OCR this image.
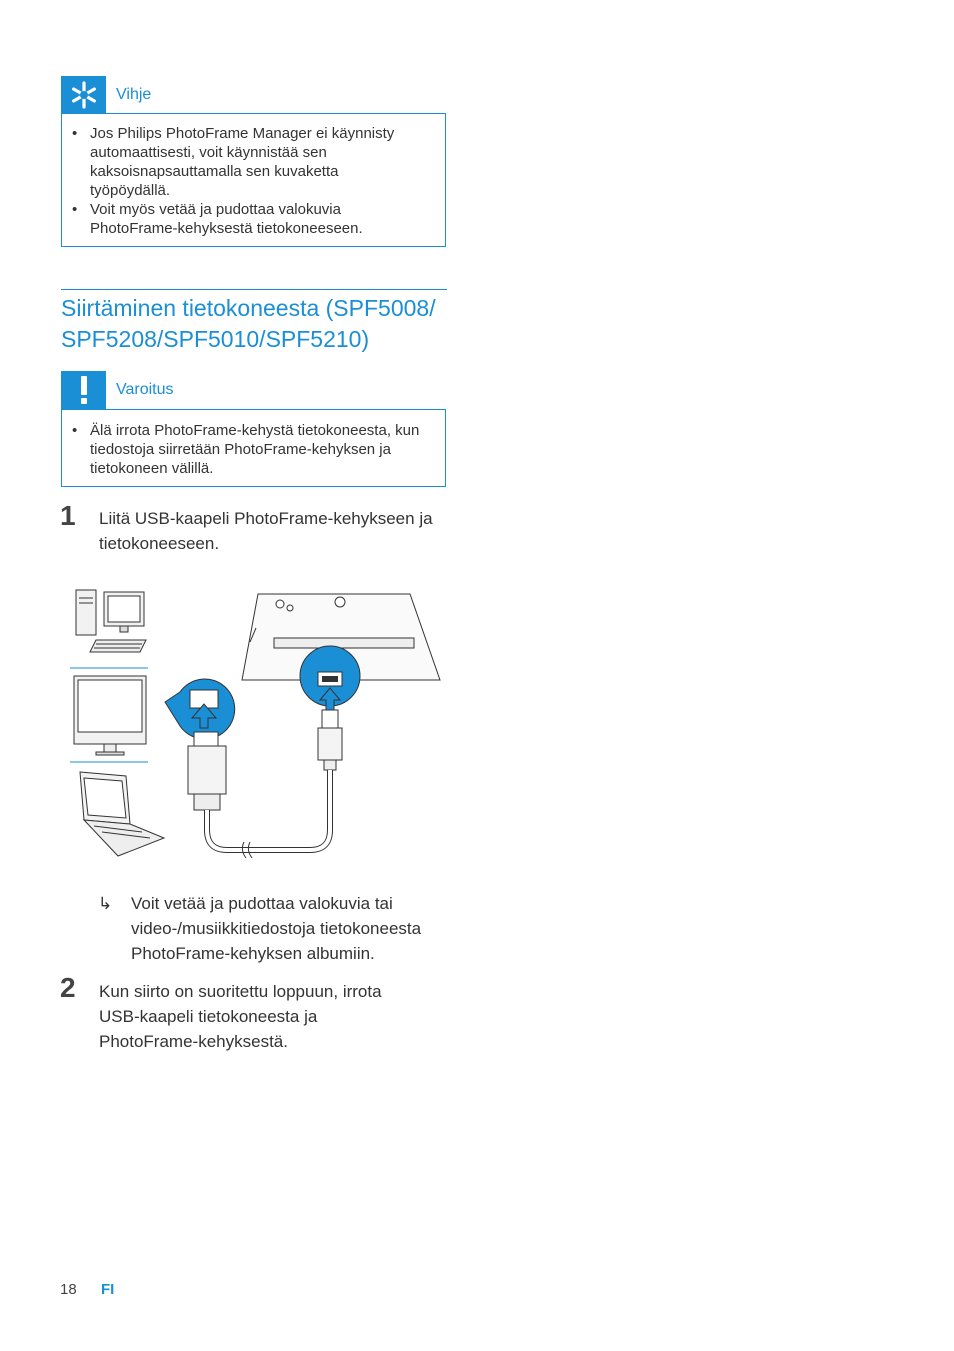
Vihje
• Jos Philips PhotoFrame Manager ei käynnisty automaattisesti, voit käynnistää sen kaksoisnapsauttamalla sen kuvaketta työpöydällä.
• Voit myös vetää ja pudottaa valokuvia PhotoFrame-kehyksestä tietokoneeseen.
Siirtäminen tietokoneesta (SPF5008/ SPF5208/SPF5010/SPF5210)
Varoitus
• Älä irrota PhotoFrame-kehystä tietokoneesta, kun tiedostoja siirretään PhotoFrame-kehyksen ja tietokoneen välillä.
1 Liitä USB-kaapeli PhotoFrame-kehykseen ja tietokoneeseen.
↳ Voit vetää ja pudottaa valokuvia tai video-/musiikkitiedostoja tietokoneesta PhotoFrame-kehyksen albumiin.
2 Kun siirto on suoritettu loppuun, irrota USB-kaapeli tietokoneesta ja PhotoFrame-kehyksestä.
18 FI
